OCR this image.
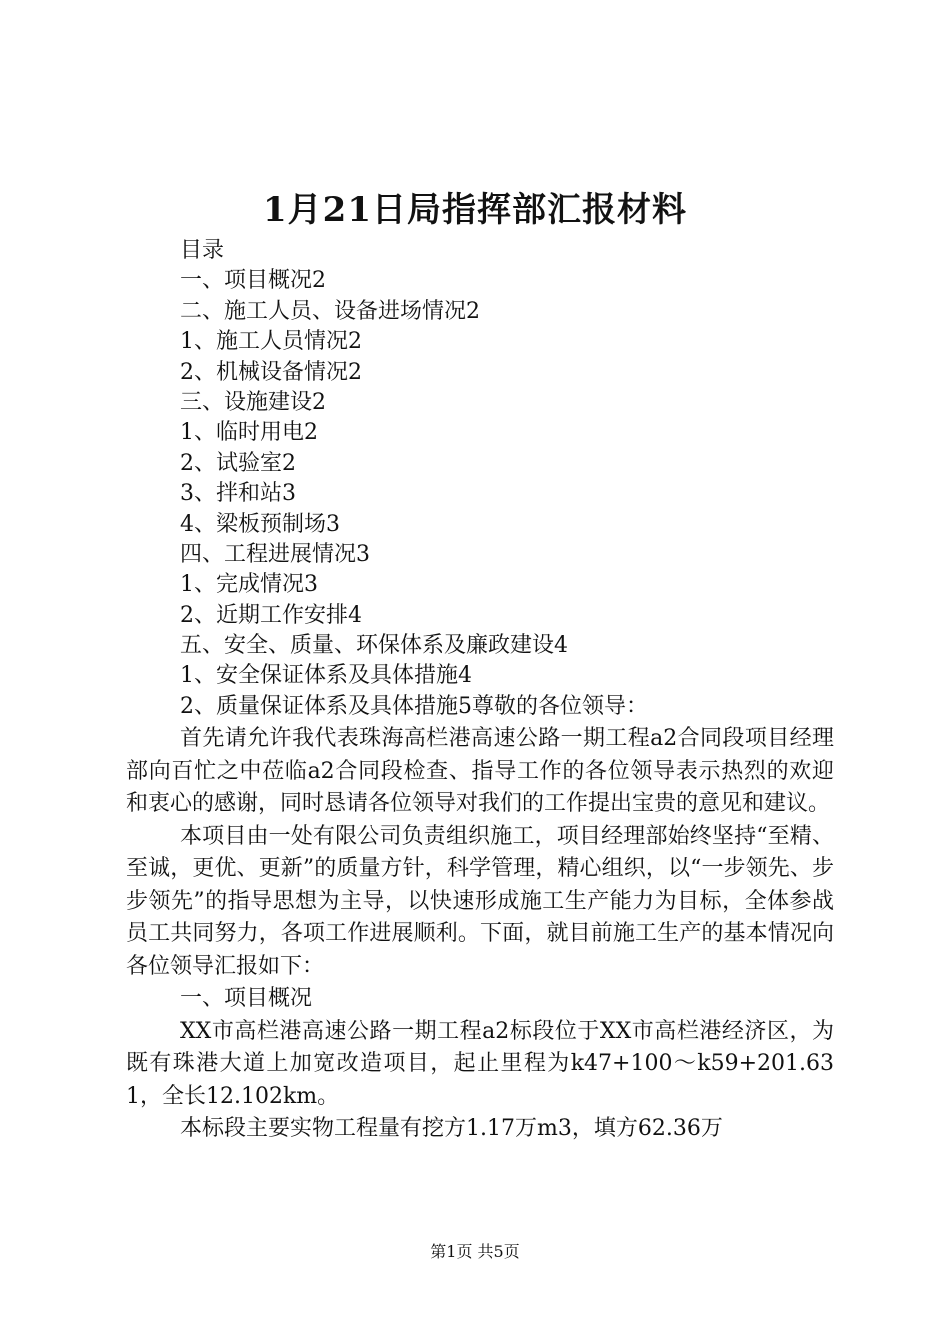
1月21日局指挥部汇报材料
目录
一、项目概况2
二、施工人员、设备进场情况2
1、施工人员情况2
2、机械设备情况2
三、设施建设2
1、临时用电2
2、试验室2
3、拌和站3
4、梁板预制场3
四、工程进展情况3
1、完成情况3
2、近期工作安排4
五、安全、质量、环保体系及廉政建设4
1、安全保证体系及具体措施4
2、质量保证体系及具体措施5尊敬的各位领导：

首先请允许我代表珠海高栏港高速公路一期工程a2合同段项目经理部向百忙之中莅临a2合同段检查、指导工作的各位领导表示热烈的欢迎和衷心的感谢，同时恳请各位领导对我们的工作提出宝贵的意见和建议。

本项目由一处有限公司负责组织施工，项目经理部始终坚持“至精、至诚，更优、更新”的质量方针，科学管理，精心组织，以“一步领先、步步领先”的指导思想为主导，以快速形成施工生产能力为目标，全体参战员工共同努力，各项工作进展顺利。下面，就目前施工生产的基本情况向各位领导汇报如下：

一、项目概况

XX市高栏港高速公路一期工程a2标段位于XX市高栏港经济区，为既有珠港大道上加宽改造项目，起止里程为k47+100～k59+201.631，全长12.102km。

本标段主要实物工程量有挖方1.17万m3，填方62.36万

第1页 共5页
